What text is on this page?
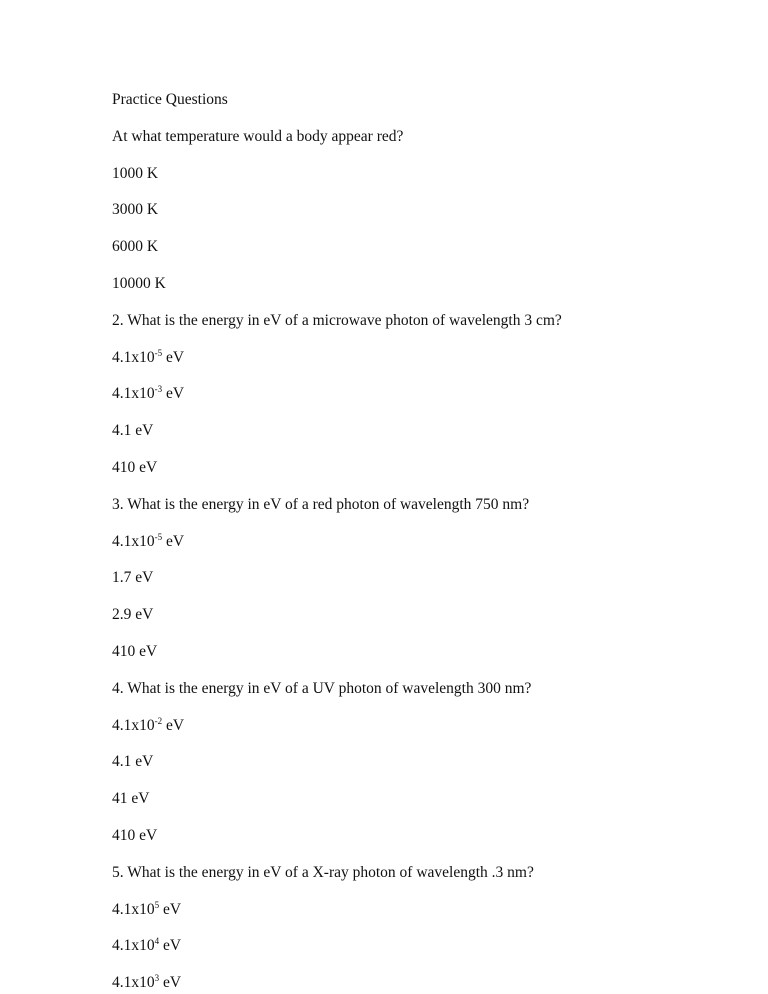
Practice Questions
At what temperature would a body appear red?
1000 K
3000 K
6000 K
10000 K
2. What is the energy in eV of a microwave photon of wavelength 3 cm?
$4.1x10^{-5}$ eV
$4.1x10^{-3}$ eV
4.1 eV
410 eV
3. What is the energy in eV of a red photon of wavelength 750 nm?
$4.1x10^{-5}$ eV
1.7 eV
2.9 eV
410 eV
4. What is the energy in eV of a UV photon of wavelength 300 nm?
$4.1x10^{-2}$ eV
4.1 eV
41 eV
410 eV
5. What is the energy in eV of a X-ray photon of wavelength .3 nm?
$4.1x10^5$ eV
$4.1x10^4$ eV
$4.1x10^3$ eV
